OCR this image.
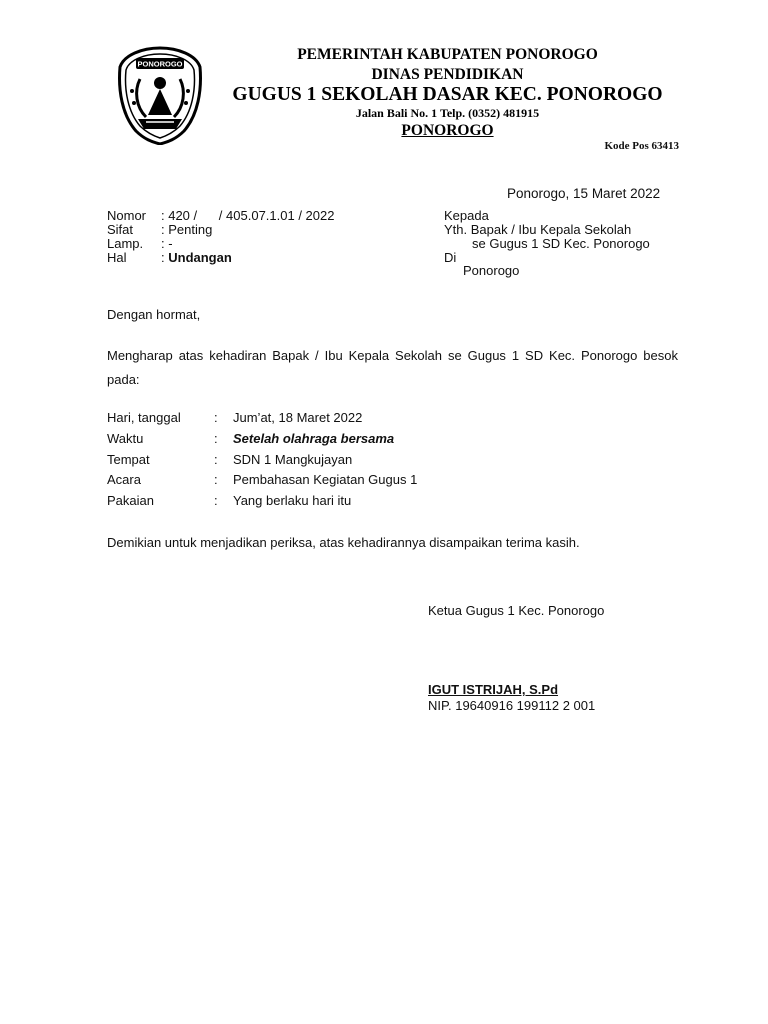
PONOROGO
PEMERINTAH KABUPATEN PONOROGO
DINAS PENDIDIKAN
GUGUS 1 SEKOLAH DASAR KEC. PONOROGO
Jalan Bali No. 1 Telp. (0352) 481915
PONOROGO
Kode Pos 63413
Ponorogo, 15 Maret 2022
Nomor : 420 /      / 405.07.1.01 / 2022
Sifat : Penting
Lamp. : -
Hal	: Undangan
Kepada
Yth. Bapak / Ibu Kepala Sekolah
se Gugus 1 SD Kec. Ponorogo
Di
Ponorogo
Dengan hormat,
Mengharap atas kehadiran Bapak / Ibu Kepala Sekolah se Gugus 1 SD Kec. Ponorogo besok pada:
Hari, tanggal	: Jum’at, 18 Maret 2022
Waktu	: Setelah olahraga bersama
Tempat	: SDN 1 Mangkujayan
Acara	: Pembahasan Kegiatan Gugus 1
Pakaian	: Yang berlaku hari itu
Demikian untuk menjadikan periksa, atas kehadirannya disampaikan terima kasih.
Ketua Gugus 1 Kec. Ponorogo
IGUT ISTRIJAH, S.Pd
NIP. 19640916 199112 2 001
